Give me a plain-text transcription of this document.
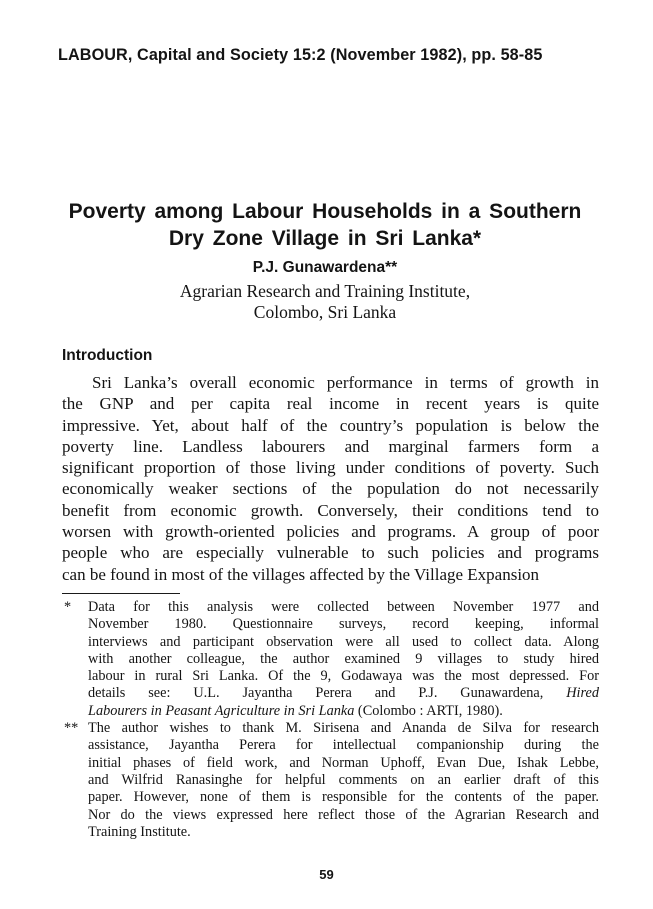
LABOUR, Capital and Society 15:2 (November 1982), pp. 58-85
Poverty among Labour Households in a Southern
Dry Zone Village in Sri Lanka*
P.J. Gunawardena**
Agrarian Research and Training Institute,
Colombo, Sri Lanka
Introduction
Sri Lanka’s overall economic performance in terms of growth in
the GNP and per capita real income in recent years is quite
impressive. Yet, about half of the country’s population is below the
poverty line. Landless labourers and marginal farmers form a
significant proportion of those living under conditions of poverty. Such
economically weaker sections of the population do not necessarily
benefit from economic growth. Conversely, their conditions tend to
worsen with growth-oriented policies and programs. A group of poor
people who are especially vulnerable to such policies and programs
can be found in most of the villages affected by the Village Expansion
* Data for this analysis were collected between November 1977 and
November 1980. Questionnaire surveys, record keeping, informal
interviews and participant observation were all used to collect data. Along
with another colleague, the author examined 9 villages to study hired
labour in rural Sri Lanka. Of the 9, Godawaya was the most depressed. For
details see: U.L. Jayantha Perera and P.J. Gunawardena, Hired
Labourers in Peasant Agriculture in Sri Lanka (Colombo : ARTI, 1980).
** The author wishes to thank M. Sirisena and Ananda de Silva for research
assistance, Jayantha Perera for intellectual companionship during the
initial phases of field work, and Norman Uphoff, Evan Due, Ishak Lebbe,
and Wilfrid Ranasinghe for helpful comments on an earlier draft of this
paper. However, none of them is responsible for the contents of the paper.
Nor do the views expressed here reflect those of the Agrarian Research and
Training Institute.
59
